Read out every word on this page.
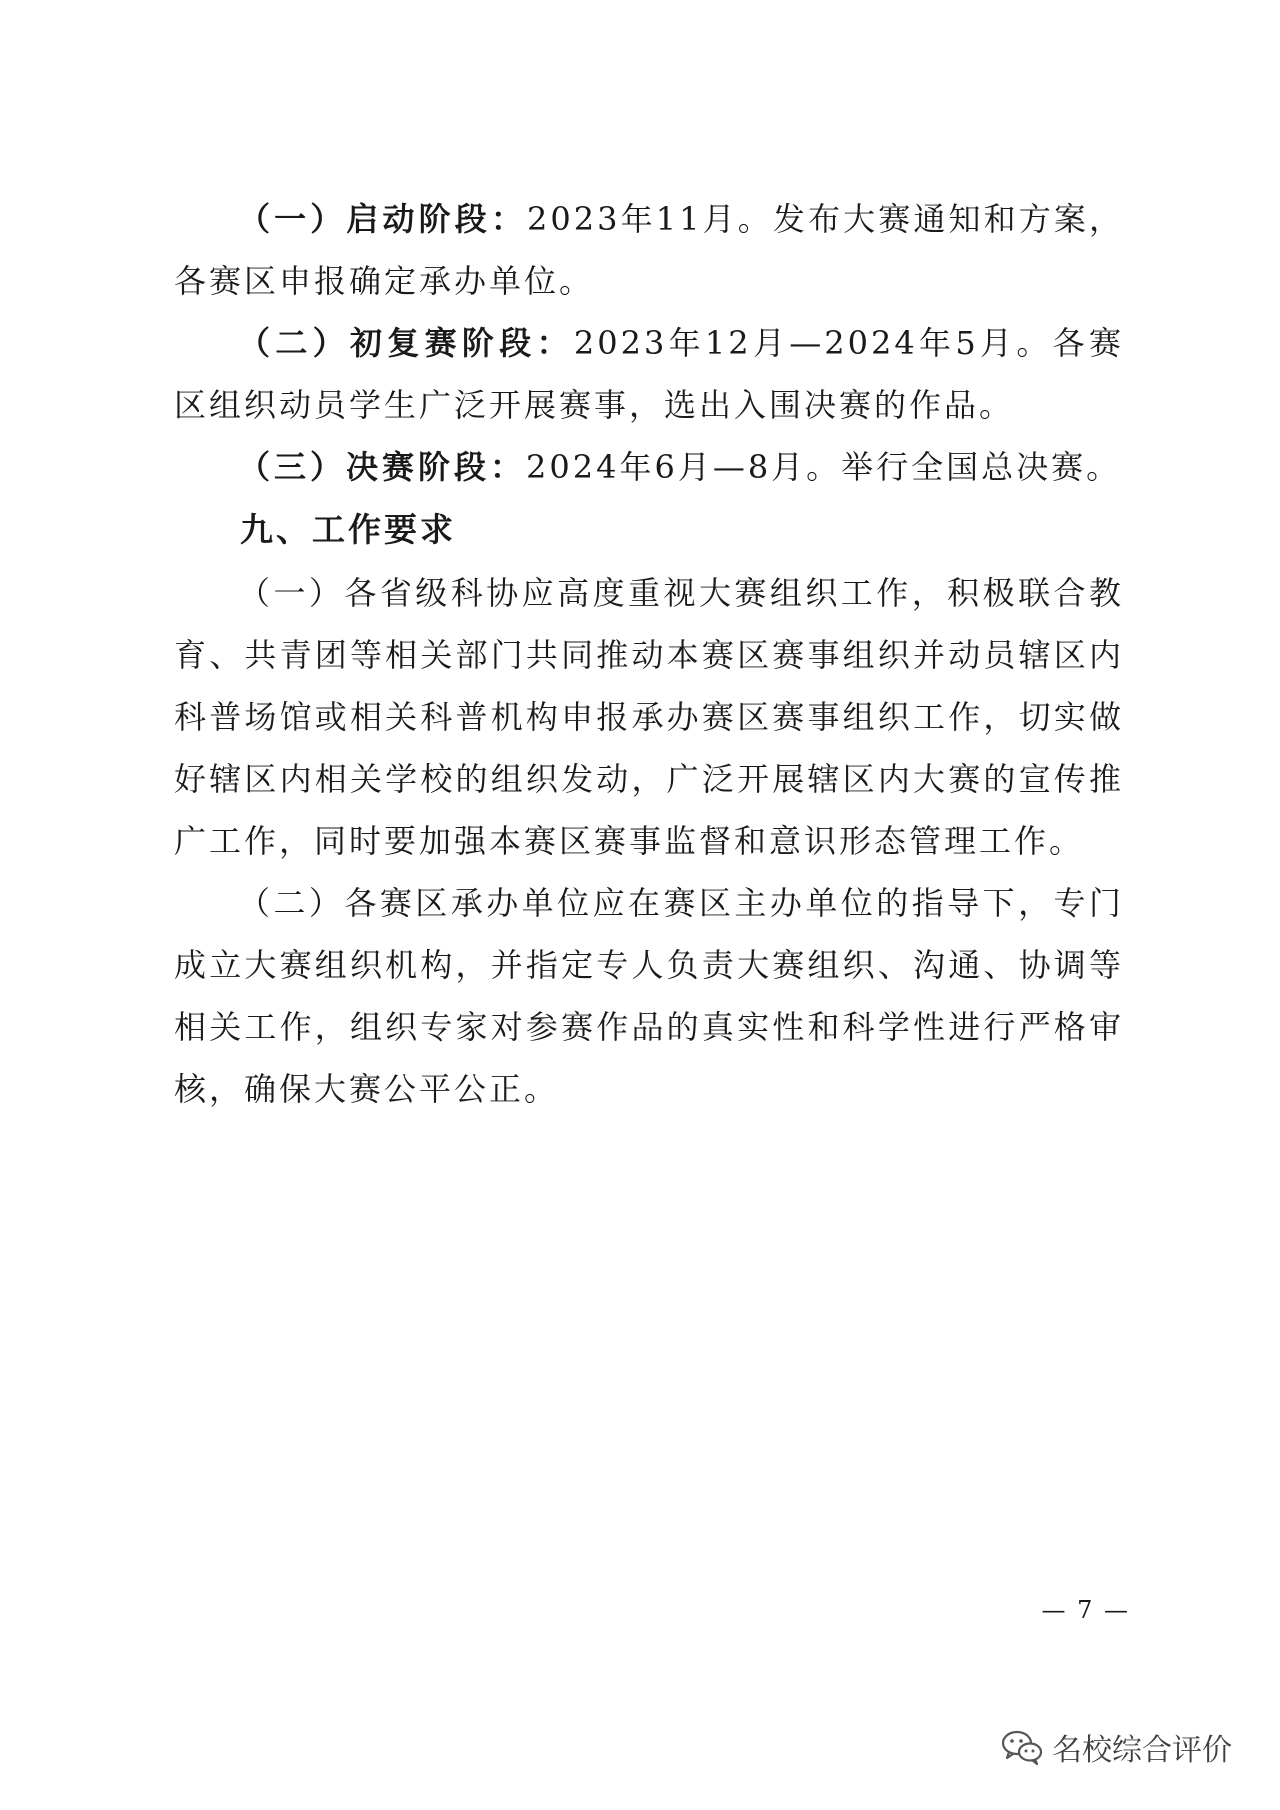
（一）启动阶段：2023年11月。发布大赛通知和方案，各赛区申报确定承办单位。

（二）初复赛阶段：2023年12月—2024年5月。各赛区组织动员学生广泛开展赛事，选出入围决赛的作品。

（三）决赛阶段：2024年6月—8月。举行全国总决赛。

九、工作要求

（一）各省级科协应高度重视大赛组织工作，积极联合教育、共青团等相关部门共同推动本赛区赛事组织并动员辖区内科普场馆或相关科普机构申报承办赛区赛事组织工作，切实做好辖区内相关学校的组织发动，广泛开展辖区内大赛的宣传推广工作，同时要加强本赛区赛事监督和意识形态管理工作。

（二）各赛区承办单位应在赛区主办单位的指导下，专门成立大赛组织机构，并指定专人负责大赛组织、沟通、协调等相关工作，组织专家对参赛作品的真实性和科学性进行严格审核，确保大赛公平公正。

— 7 —
名校综合评价
